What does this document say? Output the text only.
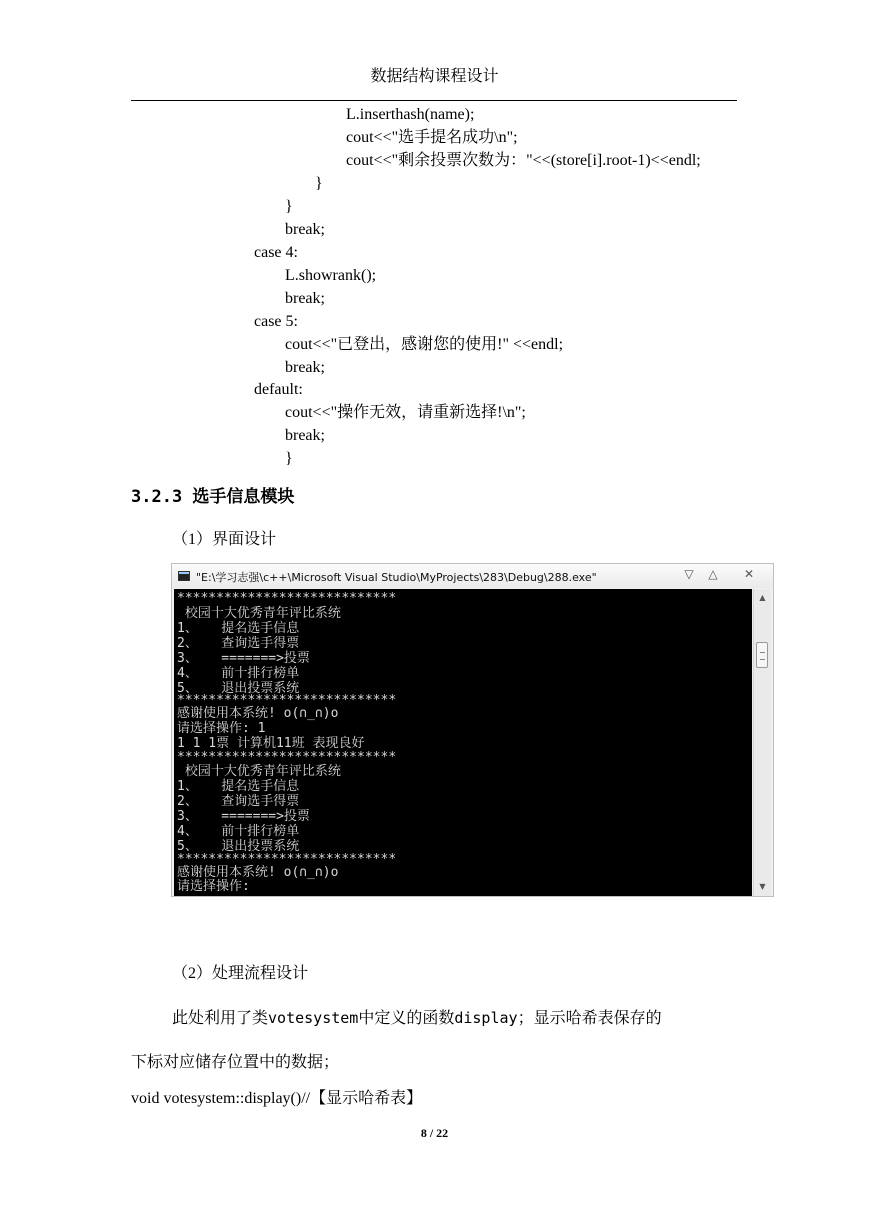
数据结构课程设计
L.inserthash(name);
cout<<"选手提名成功\n";
cout<<"剩余投票次数为："<<(store[i].root-1)<<endl;
}
}
break;
case 4:
L.showrank();
break;
case 5:
cout<<"已登出，感谢您的使用!" <<endl;
break;
default:
cout<<"操作无效，请重新选择!\n";
break;
}
3.2.3 选手信息模块
（1）界面设计
"E:\学习志强\c++\Microsoft Visual Studio\MyProjects\283\Debug\288.exe"	▽	△	✕
****************************
校园十大优秀青年评比系统
1、   提名选手信息
2、   查询选手得票
3、   =======>投票
4、   前十排行榜单
5、   退出投票系统
****************************
感谢使用本系统! o(∩_∩)o
请选择操作: 1
1 1 1票 计算机11班 表现良好
****************************
校园十大优秀青年评比系统
1、   提名选手信息
2、   查询选手得票
3、   =======>投票
4、   前十排行榜单
5、   退出投票系统
****************************
感谢使用本系统! o(∩_∩)o
请选择操作:
▲
▼
（2）处理流程设计
此处利用了类votesystem中定义的函数display；显示哈希表保存的
下标对应储存位置中的数据；
void votesystem::display()//【显示哈希表】
8 / 22
